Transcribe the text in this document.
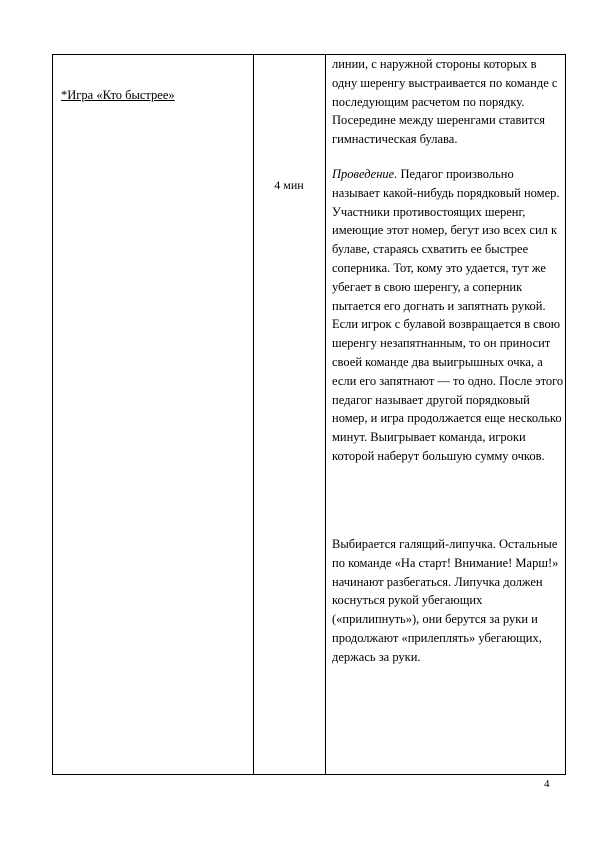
*Игра «Кто быстрее»
4 мин

линии, с наружной стороны которых в одну шеренгу выстраивается по команде с последующим расчетом по порядку. Посередине между шеренгами ставится гимнастическая булава.

Проведение. Педагог произвольно называет какой-нибудь порядковый номер. Участники противостоящих шеренг, имеющие этот номер, бегут изо всех сил к булаве, стараясь схватить ее быстрее соперника. Тот, кому это удается, тут же убегает в свою шеренгу, а соперник пытается его догнать и запятнать рукой. Если игрок с булавой возвращается в свою шеренгу незапятнанным, то он приносит своей команде два выигрышных очка, а если его запятнают — то одно. После этого педагог называет другой порядковый номер, и игра продолжается еще несколько минут. Выигрывает команда, игроки которой наберут большую сумму очков.

Выбирается галящий-липучка. Остальные по команде «На старт! Внимание! Марш!» начинают разбегаться. Липучка должен коснуться рукой убегающих («прилипнуть»), они берутся за руки и продолжают «прилеплять» убегающих, держась за руки.

4
